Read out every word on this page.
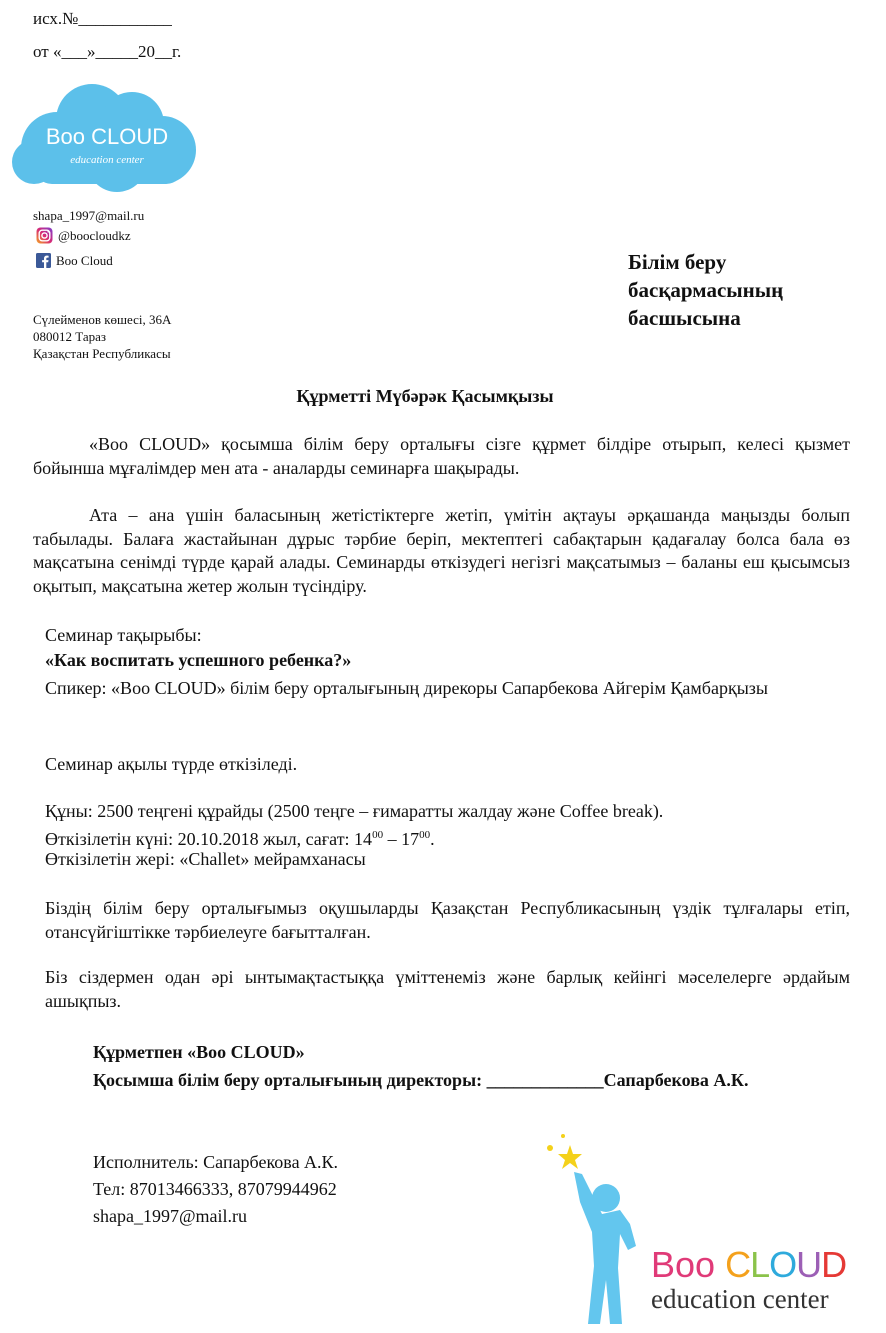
исх.№___________
от «___»_____20__г.
Boo CLOUD
education center
shapa_1997@mail.ru
@boocloudkz
Boo Cloud
Сүлейменов көшесі, 36А
080012 Тараз
Қазақстан Республикасы
Білім беру
басқармасының
басшысына
Құрметті Мүбәрәк Қасымқызы
«Boo CLOUD» қосымша білім беру орталығы сізге құрмет білдіре отырып, келесі қызмет бойынша мұғалімдер мен ата - аналарды семинарға шақырады.
Ата – ана үшін баласының жетістіктерге жетіп, үмітін ақтауы әрқашанда маңызды болып табылады. Балаға жастайынан дұрыс тәрбие беріп, мектептегі сабақтарын қадағалау болса бала өз мақсатына сенімді түрде қарай алады. Семинарды өткізудегі негізгі мақсатымыз – баланы еш қысымсыз оқытып, мақсатына жетер жолын түсіндіру.
Семинар тақырыбы:
«Как воспитать успешного ребенка?»
Спикер: «Boo CLOUD» білім беру орталығының дирекоры Сапарбекова Айгерім Қамбарқызы
Семинар ақылы түрде өткізіледі.
Құны: 2500 теңгені құрайды (2500 теңге – ғимаратты жалдау және Coffee break).
Өткізілетін күні: 20.10.2018 жыл, сағат: $14^{00} - 17^{00}$.
Өткізілетін жері: «Challet» мейрамханасы
Біздің білім беру орталығымыз оқушыларды Қазақстан Республикасының үздік тұлғалары етіп, отансүйгіштікке тәрбиелеуге бағытталған.
Біз сіздермен одан әрі ынтымақтастыққа үміттенеміз және барлық кейінгі мәселелерге әрдайым ашықпыз.
Құрметпен «Boo CLOUD»
Қосымша білім беру орталығының директоры: _____________Сапарбекова А.К.
Исполнитель: Сапарбекова А.К.
Тел: 87013466333, 87079944962
shapa_1997@mail.ru
Boo CLOUD
education center
